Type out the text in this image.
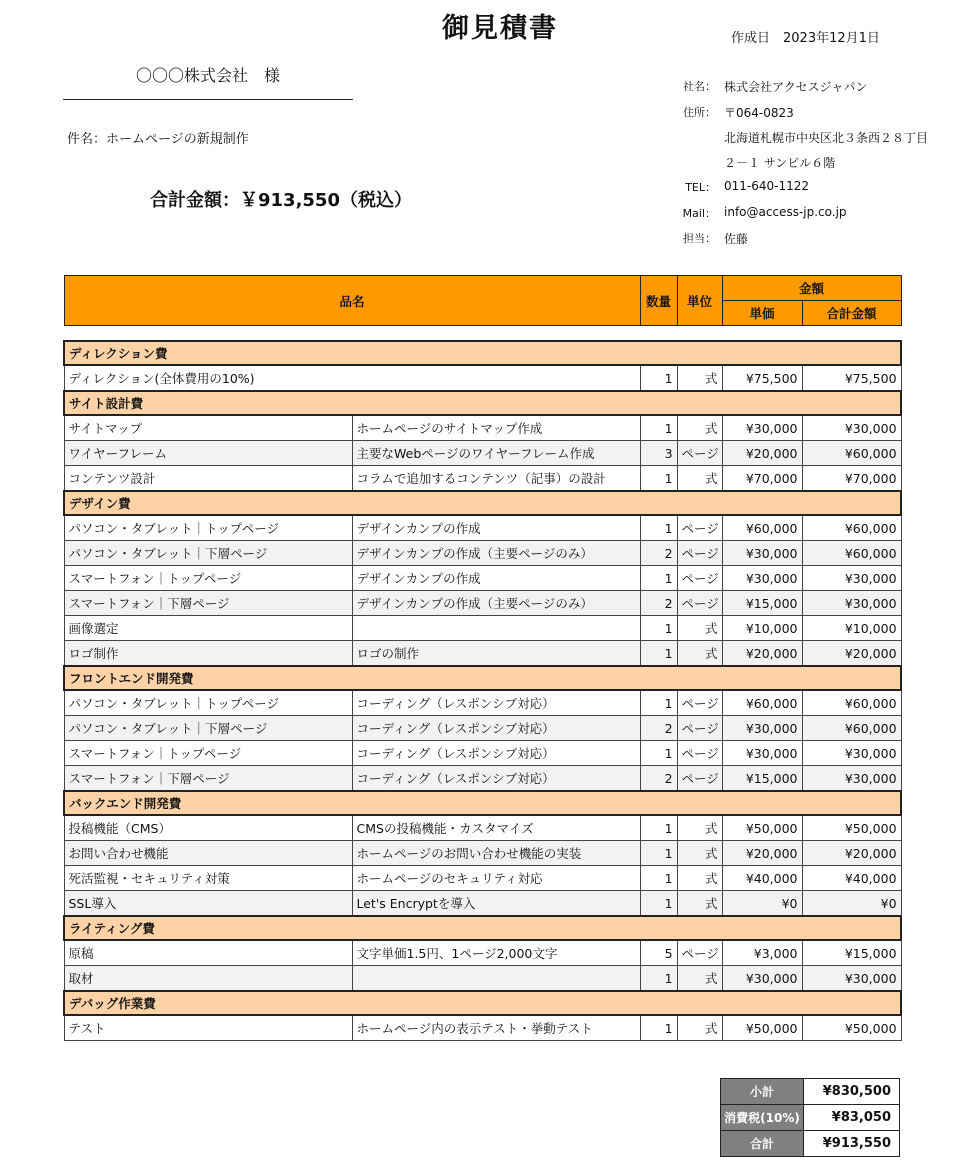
御見積書	作成日　2023年12月1日
〇〇〇株式会社　様
件名：ホームページの新規制作
合計金額：￥913,550（税込）
社名： 株式会社アクセスジャパン
住所： 〒064-0823
北海道札幌市中央区北３条西２８丁目
２－１ サンビル６階
TEL： 011-640-1122
Mail： info@access-jp.co.jp
担当： 佐藤
品名		数量	単位	金額	
				単価	合計金額

ディレクション費					
ディレクション(全体費用の10%)		1	式	¥75,500	¥75,500
サイト設計費					
サイトマップ	ホームページのサイトマップ作成	1	式	¥30,000	¥30,000
ワイヤーフレーム	主要なWebページのワイヤーフレーム作成	3	ページ	¥20,000	¥60,000
コンテンツ設計	コラムで追加するコンテンツ（記事）の設計	1	式	¥70,000	¥70,000
デザイン費					
パソコン・タブレット｜トップページ	デザインカンプの作成	1	ページ	¥60,000	¥60,000
パソコン・タブレット｜下層ページ	デザインカンプの作成（主要ページのみ）	2	ページ	¥30,000	¥60,000
スマートフォン｜トップページ	デザインカンプの作成	1	ページ	¥30,000	¥30,000
スマートフォン｜下層ページ	デザインカンプの作成（主要ページのみ）	2	ページ	¥15,000	¥30,000
画像選定		1	式	¥10,000	¥10,000
ロゴ制作	ロゴの制作	1	式	¥20,000	¥20,000
フロントエンド開発費					
パソコン・タブレット｜トップページ	コーディング（レスポンシブ対応）	1	ページ	¥60,000	¥60,000
パソコン・タブレット｜下層ページ	コーディング（レスポンシブ対応）	2	ページ	¥30,000	¥60,000
スマートフォン｜トップページ	コーディング（レスポンシブ対応）	1	ページ	¥30,000	¥30,000
スマートフォン｜下層ページ	コーディング（レスポンシブ対応）	2	ページ	¥15,000	¥30,000
バックエンド開発費					
投稿機能（CMS）	CMSの投稿機能・カスタマイズ	1	式	¥50,000	¥50,000
お問い合わせ機能	ホームページのお問い合わせ機能の実装	1	式	¥20,000	¥20,000
死活監視・セキュリティ対策	ホームページのセキュリティ対応	1	式	¥40,000	¥40,000
SSL導入	Let's Encryptを導入	1	式	¥0	¥0
ライティング費					
原稿	文字単価1.5円、1ページ2,000文字	5	ページ	¥3,000	¥15,000
取材		1	式	¥30,000	¥30,000
デバッグ作業費					
テスト	ホームページ内の表示テスト・挙動テスト	1	式	¥50,000	¥50,000
小計	¥830,500
消費税(10%)	¥83,050
合計	¥913,550
